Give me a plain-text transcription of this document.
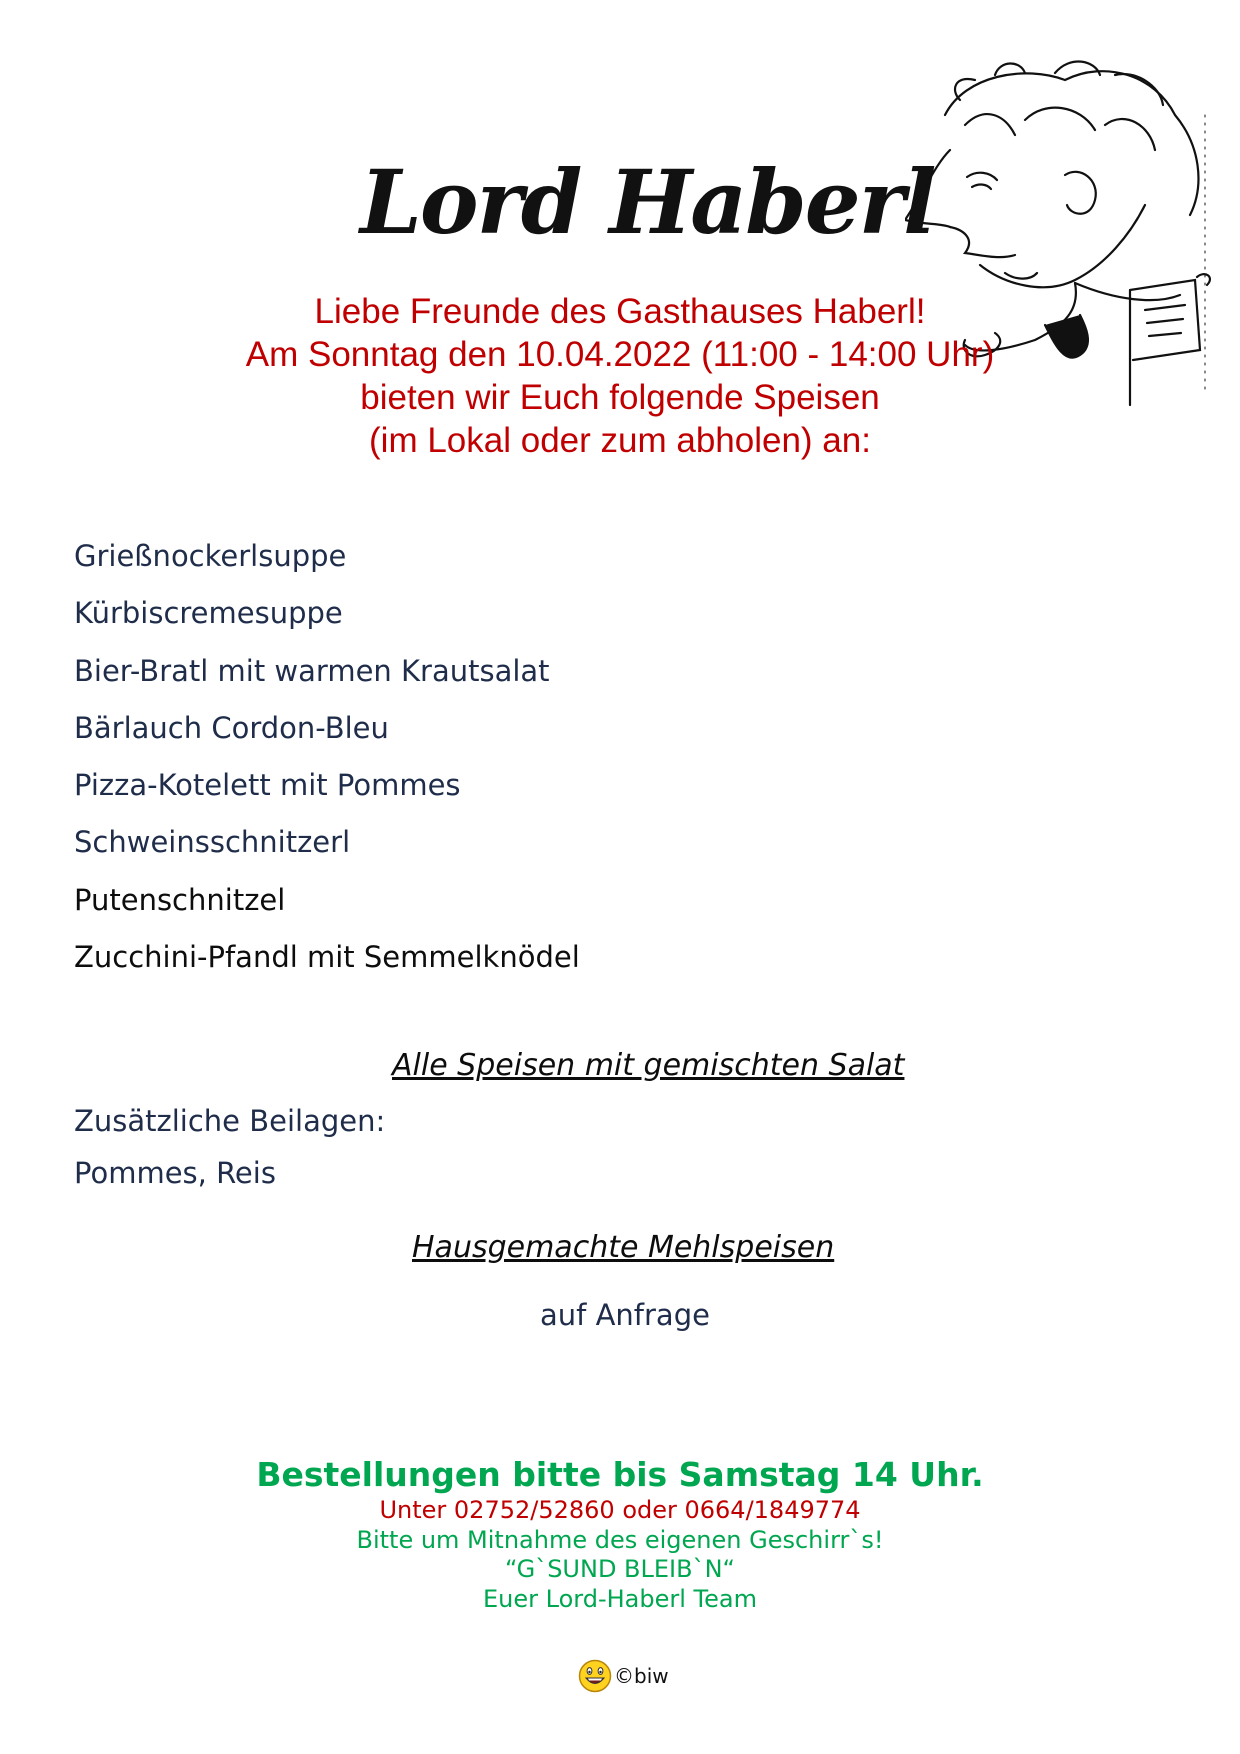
Lord Haberl
Liebe Freunde des Gasthauses Haberl!
Am Sonntag den 10.04.2022 (11:00 - 14:00 Uhr)
bieten wir Euch folgende Speisen
(im Lokal oder zum abholen) an:
Grießnockerlsuppe
Kürbiscremesuppe
Bier-Bratl mit warmen Krautsalat
Bärlauch Cordon-Bleu
Pizza-Kotelett mit Pommes
Schweinsschnitzerl
Putenschnitzel
Zucchini-Pfandl mit Semmelknödel
Alle Speisen mit gemischten Salat
Zusätzliche Beilagen:
Pommes, Reis
Hausgemachte Mehlspeisen
auf Anfrage
Bestellungen bitte bis Samstag 14 Uhr.
Unter 02752/52860 oder 0664/1849774
Bitte um Mitnahme des eigenen Geschirr`s!
“G`SUND BLEIB`N“
Euer Lord-Haberl Team
©biw
